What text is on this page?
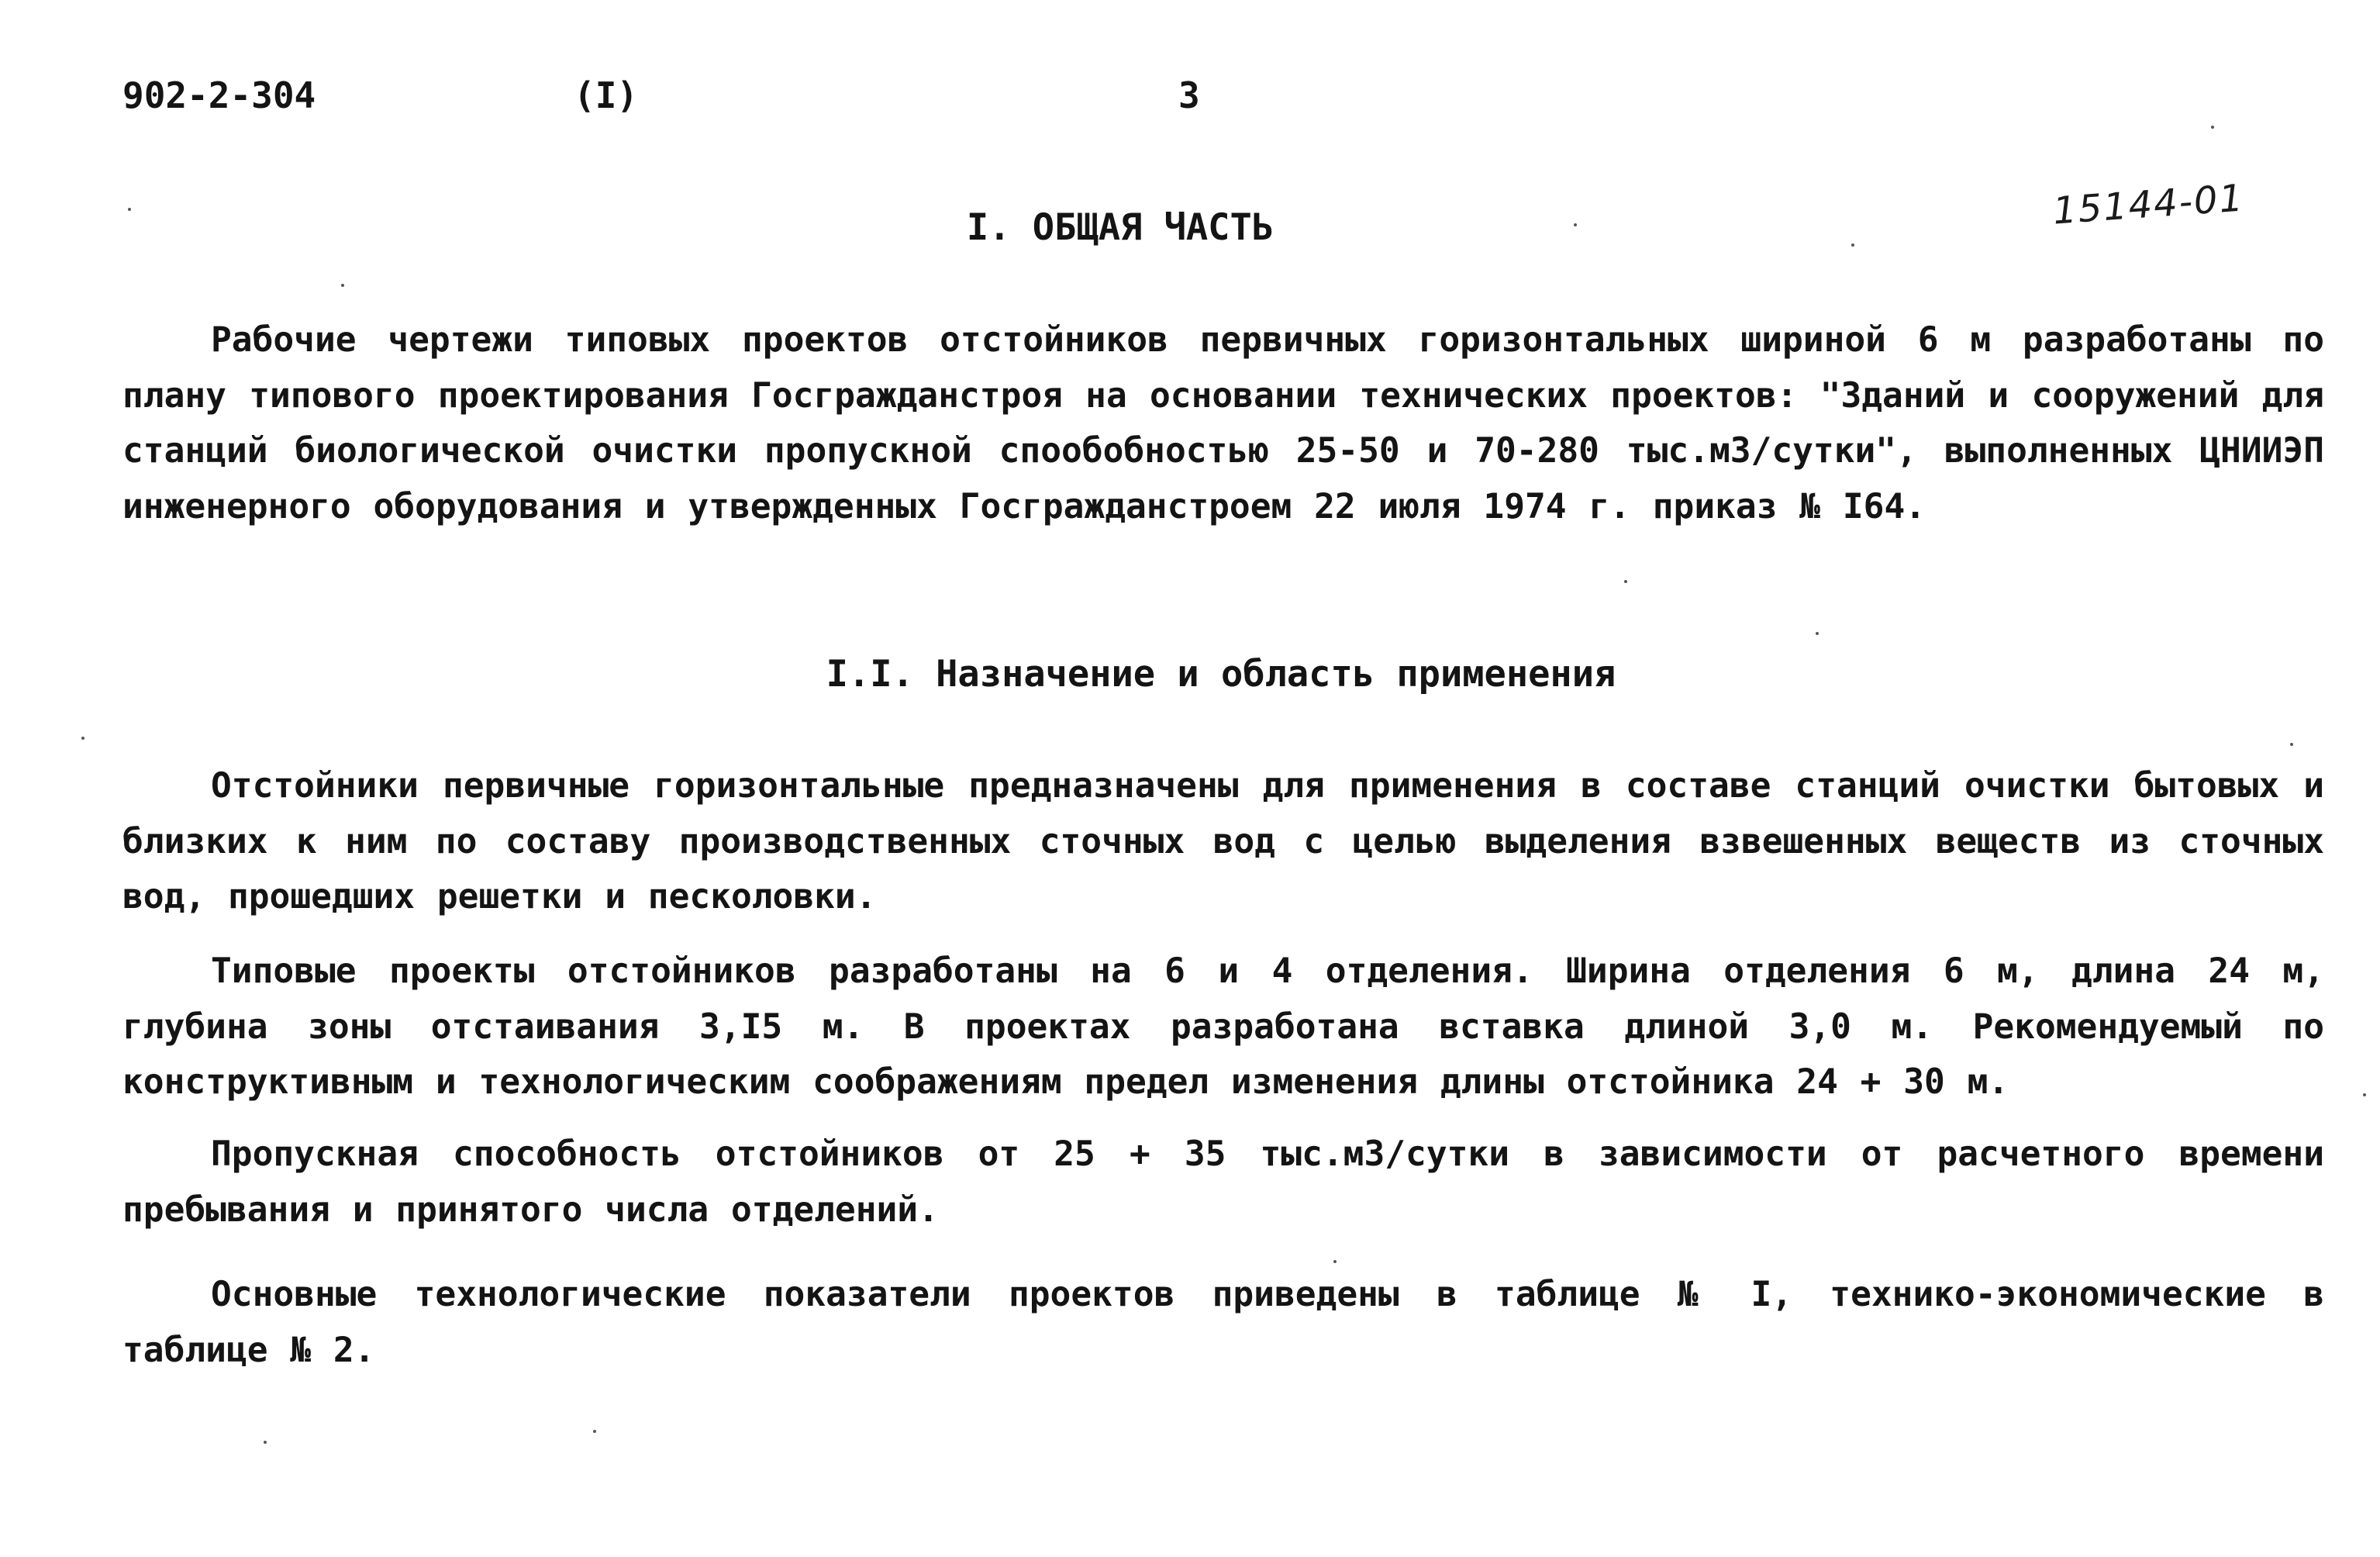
902-2-304	(I)	3
15144-01
I. ОБЩАЯ ЧАСТЬ
Рабочие чертежи типовых проектов отстойников первичных горизонтальных шириной 6 м разработаны по плану типового проектирования Госгражданстроя на основании технических проектов: "Зданий и сооружений для станций биологической очистки пропускной спообобностью 25-50 и 70-280 тыс.м3/сутки", выполненных ЦНИИЭП инженерного оборудования и утвержденных Госгражданстроем 22 июля 1974 г. приказ № I64.
I.I. Назначение и область применения
Отстойники первичные горизонтальные предназначены для применения в составе станций очистки бытовых и близких к ним по составу производственных сточных вод с целью выделения взвешенных веществ из сточных вод, прошедших решетки и песколовки.
Типовые проекты отстойников разработаны на 6 и 4 отделения. Ширина отделения 6 м, длина 24 м, глубина зоны отстаивания 3,I5 м. В проектах разработана вставка длиной 3,0 м. Рекомендуемый по конструктивным и технологическим соображениям предел изменения длины отстойника 24 + 30 м.
Пропускная способность отстойников от 25 + 35 тыс.м3/сутки в зависимости от расчетного времени пребывания и принятого числа отделений.
Основные технологические показатели проектов приведены в таблице № I, технико-экономические в таблице № 2.
